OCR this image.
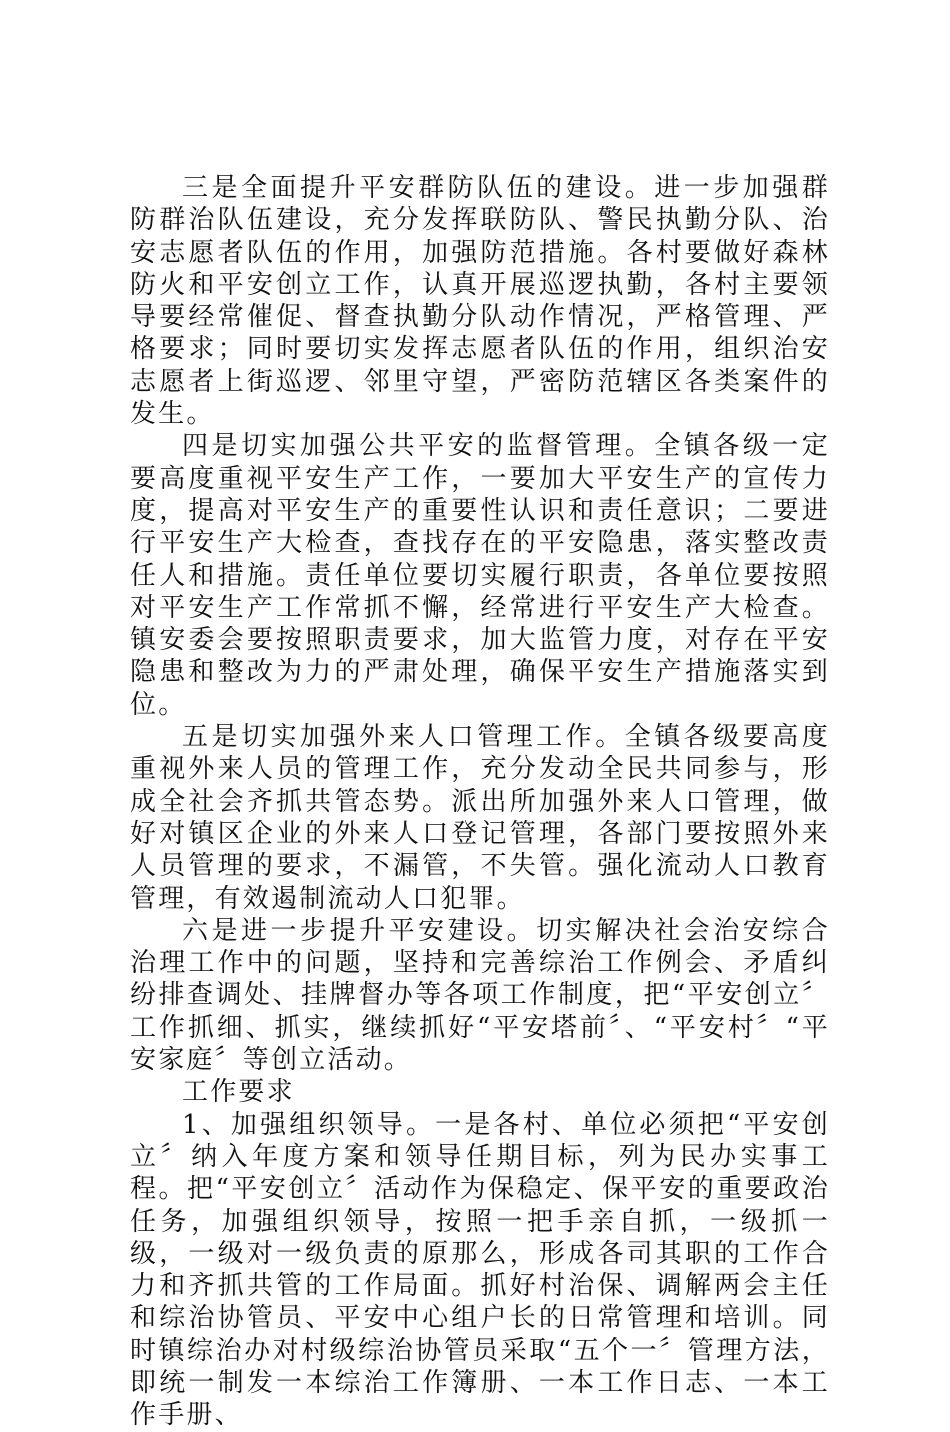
三是全面提升平安群防队伍的建设。进一步加强群防群治队伍建设，充分发挥联防队、警民执勤分队、治安志愿者队伍的作用，加强防范措施。各村要做好森林防火和平安创立工作，认真开展巡逻执勤，各村主要领导要经常催促、督查执勤分队动作情况，严格管理、严格要求；同时要切实发挥志愿者队伍的作用，组织治安志愿者上街巡逻、邻里守望，严密防范辖区各类案件的发生。

四是切实加强公共平安的监督管理。全镇各级一定要高度重视平安生产工作，一要加大平安生产的宣传力度，提高对平安生产的重要性认识和责任意识；二要进行平安生产大检查，查找存在的平安隐患，落实整改责任人和措施。责任单位要切实履行职责，各单位要按照对平安生产工作常抓不懈，经常进行平安生产大检查。镇安委会要按照职责要求，加大监管力度，对存在平安隐患和整改为力的严肃处理，确保平安生产措施落实到位。

五是切实加强外来人口管理工作。全镇各级要高度重视外来人员的管理工作，充分发动全民共同参与，形成全社会齐抓共管态势。派出所加强外来人口管理，做好对镇区企业的外来人口登记管理，各部门要按照外来人员管理的要求，不漏管，不失管。强化流动人口教育管理，有效遏制流动人口犯罪。

六是进一步提升平安建设。切实解决社会治安综合治理工作中的问题，坚持和完善综治工作例会、矛盾纠纷排查调处、挂牌督办等各项工作制度，把“平安创立〞工作抓细、抓实，继续抓好“平安塔前〞、“平安村〞“平安家庭〞等创立活动。

工作要求

1、加强组织领导。一是各村、单位必须把“平安创立〞纳入年度方案和领导任期目标，列为民办实事工程。把“平安创立〞活动作为保稳定、保平安的重要政治任务，加强组织领导，按照一把手亲自抓，一级抓一级，一级对一级负责的原那么，形成各司其职的工作合力和齐抓共管的工作局面。抓好村治保、调解两会主任和综治协管员、平安中心组户长的日常管理和培训。同时镇综治办对村级综治协管员采取“五个一〞管理方法，即统一制发一本综治工作簿册、一本工作日志、一本工作手册、
